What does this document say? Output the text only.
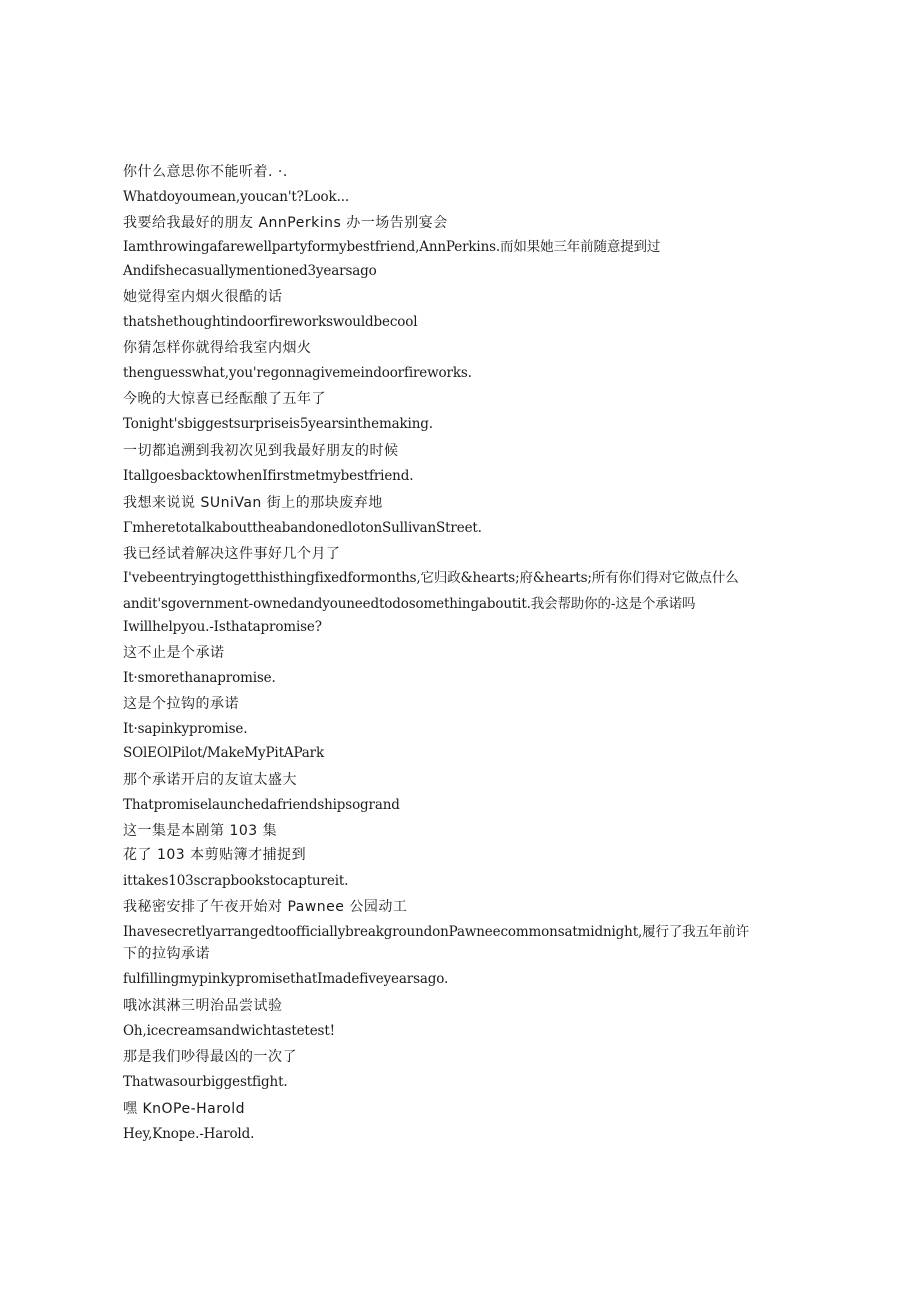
你什么意思你不能听着. ·.
Whatdoyoumean,youcan't?Look...
我要给我最好的朋友 AnnPerkins 办一场告别宴会
Iamthrowingafarewellpartyformybestfriend,AnnPerkins.而如果她三年前随意提到过
Andifshecasuallymentioned3yearsago
她觉得室内烟火很酷的话
thatshethoughtindoorfireworkswouldbecool
你猜怎样你就得给我室内烟火
thenguesswhat,you'regonnagivemeindoorfireworks.
今晚的大惊喜已经酝酿了五年了
Tonight'sbiggestsurpriseis5yearsinthemaking.
一切都追溯到我初次见到我最好朋友的时候
ItallgoesbacktowhenIfirstmetmybestfriend.
我想来说说 SUniVan 街上的那块废弃地
ΓmheretotalkabouttheabandonedlotonSullivanStreet.
我已经试着解决这件事好几个月了
I'vebeentryingtogetthisthingfixedformonths,它归政&hearts;府&hearts;所有你们得对它做点什么
andit'sgovernment-ownedandyouneedtodosomethingaboutit.我会帮助你的-这是个承诺吗
Iwillhelpyou.-Isthatapromise?
这不止是个承诺
It·smorethanapromise.
这是个拉钩的承诺
It·sapinkypromise.
SOlEOlPilot/MakeMyPitAPark
那个承诺开启的友谊太盛大
Thatpromiselaunchedafriendshipsogrand
这一集是本剧第 103 集
花了 103 本剪贴簿才捕捉到
ittakes103scrapbookstocaptureit.
我秘密安排了午夜开始对 Pawnee 公园动工
IhavesecretlyarrangedtoofficiallybreakgroundonPawneecommonsatmidnight,履行了我五年前许
下的拉钩承诺
fulfillingmypinkypromisethatImadefiveyearsago.
哦冰淇淋三明治品尝试验
Oh,icecreamsandwichtastetest!
那是我们吵得最凶的一次了
Thatwasourbiggestfight.
嘿 KnOPe-Harold
Hey,Knope.-Harold.
